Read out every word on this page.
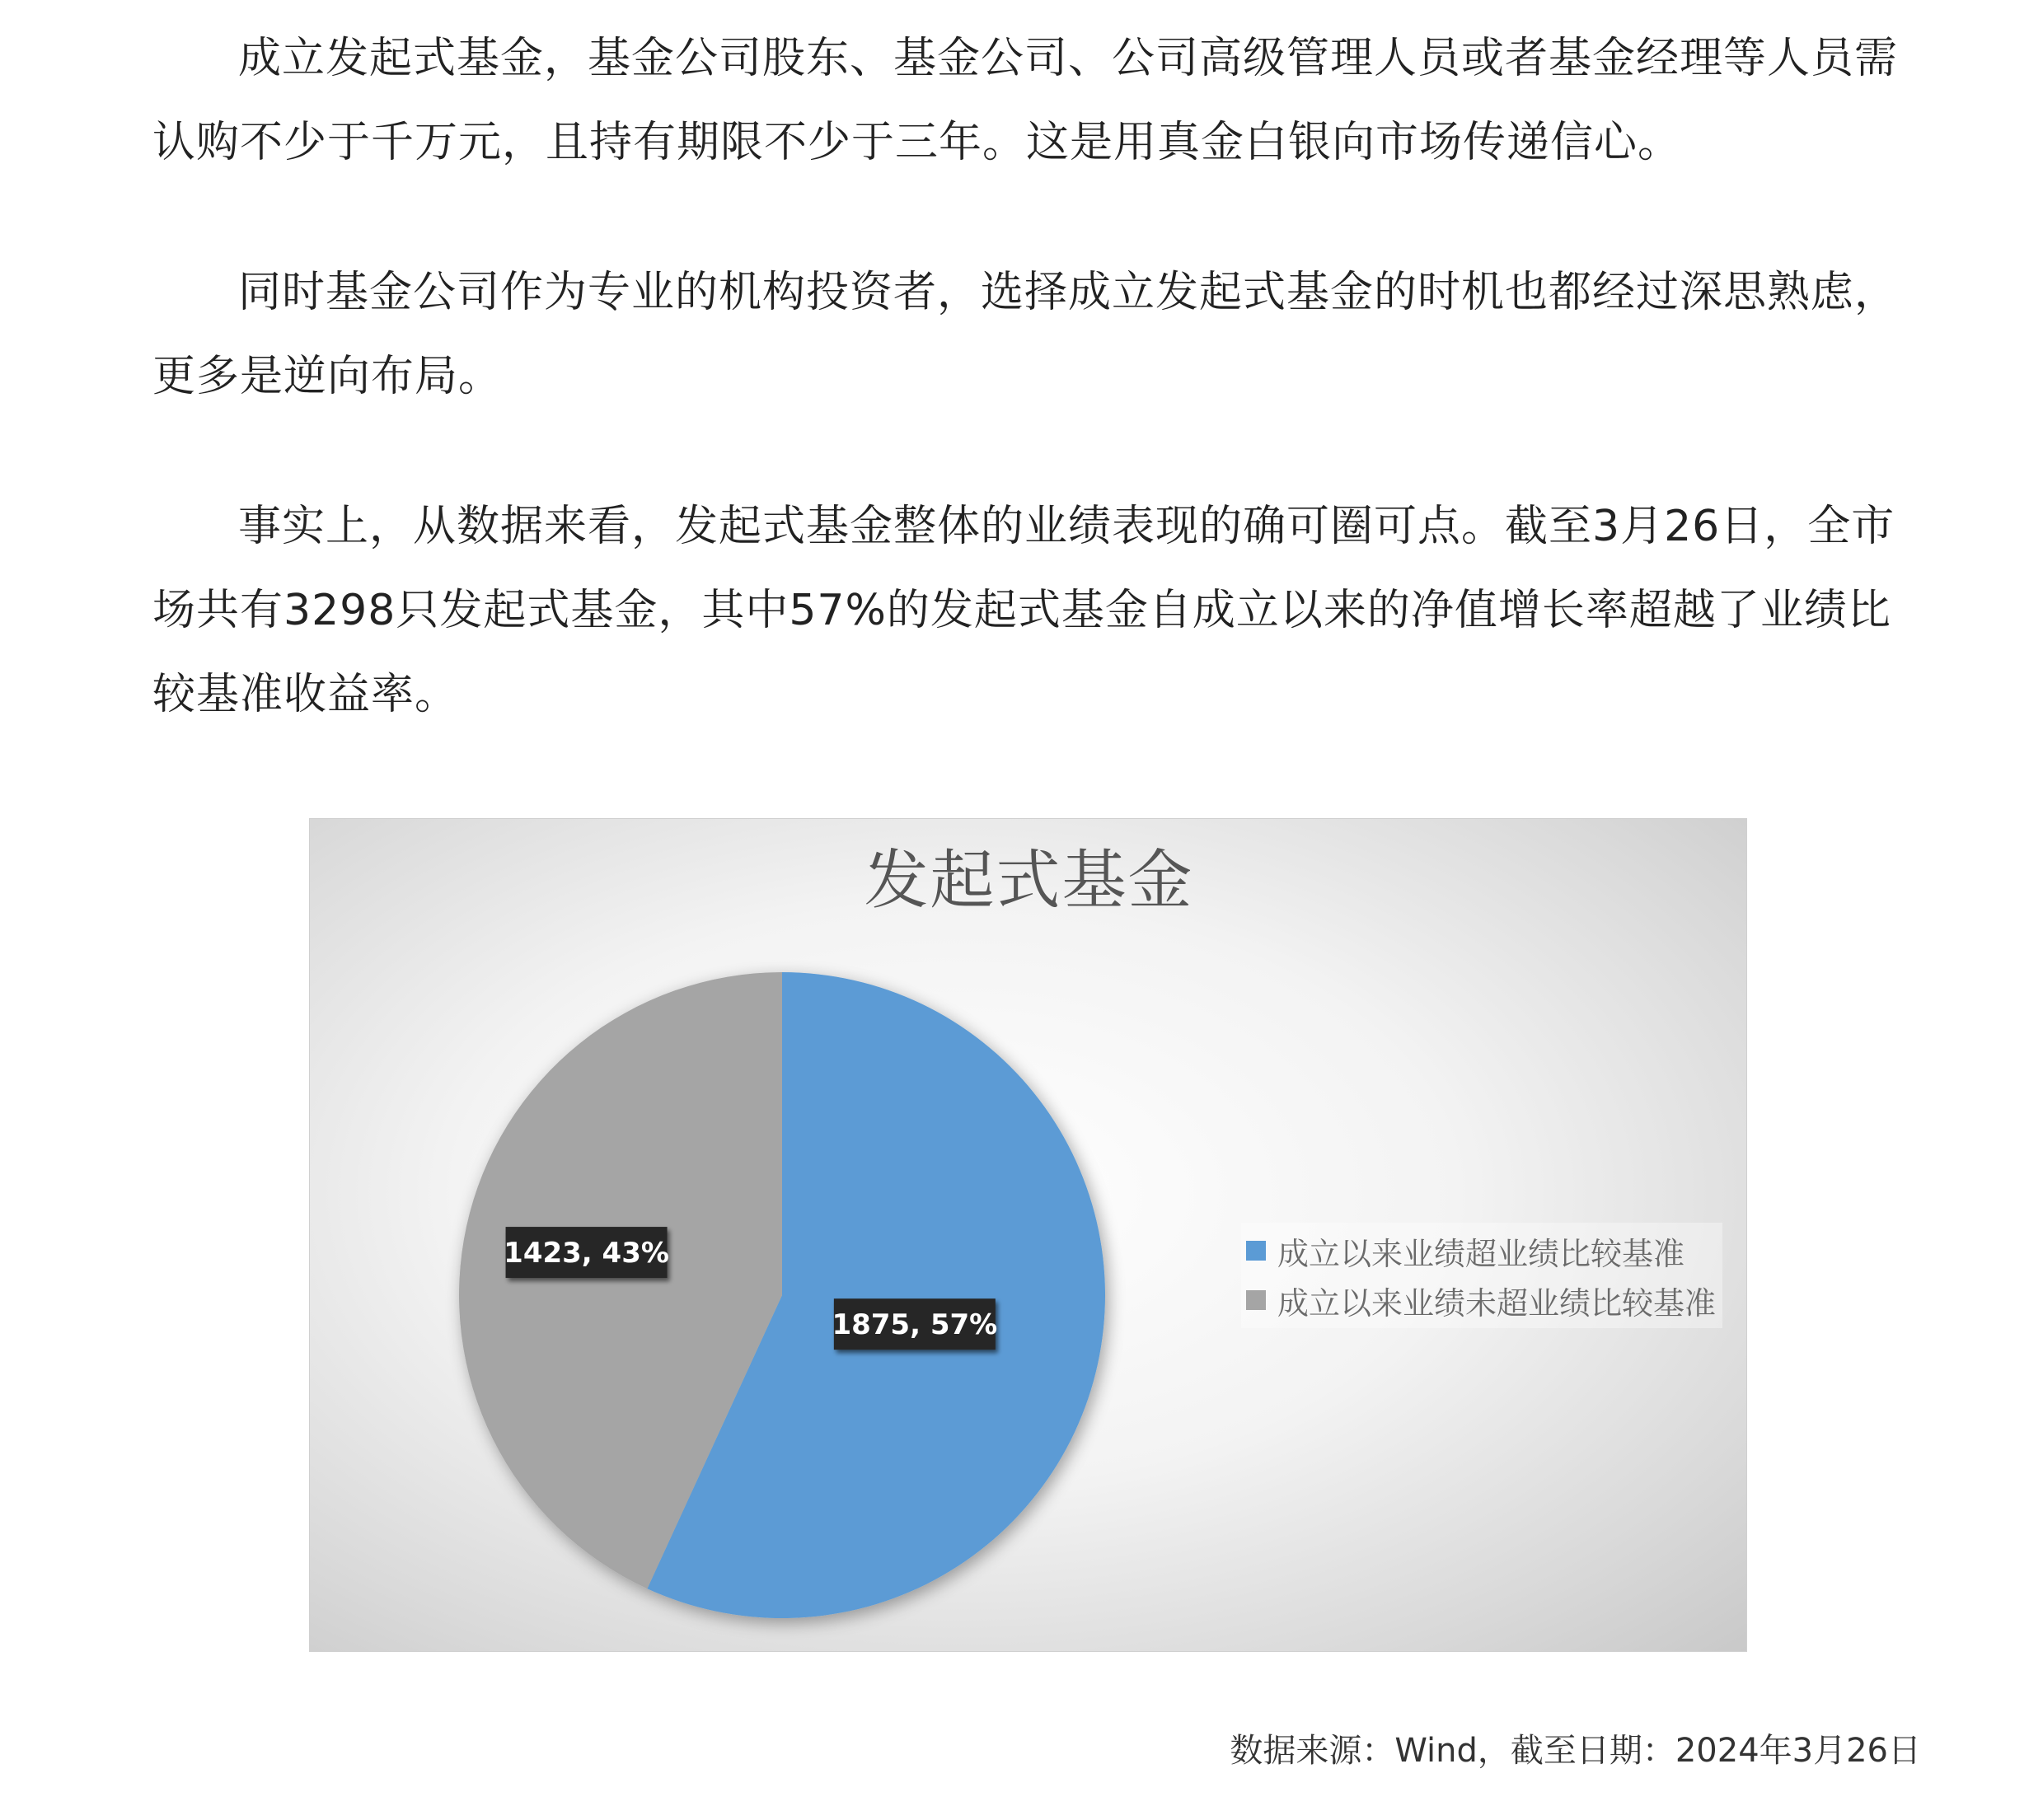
成立发起式基金，基金公司股东、基金公司、公司高级管理人员或者基金经理等人员需认购不少于千万元，且持有期限不少于三年。这是用真金白银向市场传递信心。

同时基金公司作为专业的机构投资者，选择成立发起式基金的时机也都经过深思熟虑，更多是逆向布局。

事实上，从数据来看，发起式基金整体的业绩表现的确可圈可点。截至3月26日，全市场共有3298只发起式基金，其中57%的发起式基金自成立以来的净值增长率超越了业绩比较基准收益率。

发起式基金
1875, 57%
1423, 43%	成立以来业绩超业绩比较基准
成立以来业绩未超业绩比较基准
数据来源：Wind，截至日期：2024年3月26日
